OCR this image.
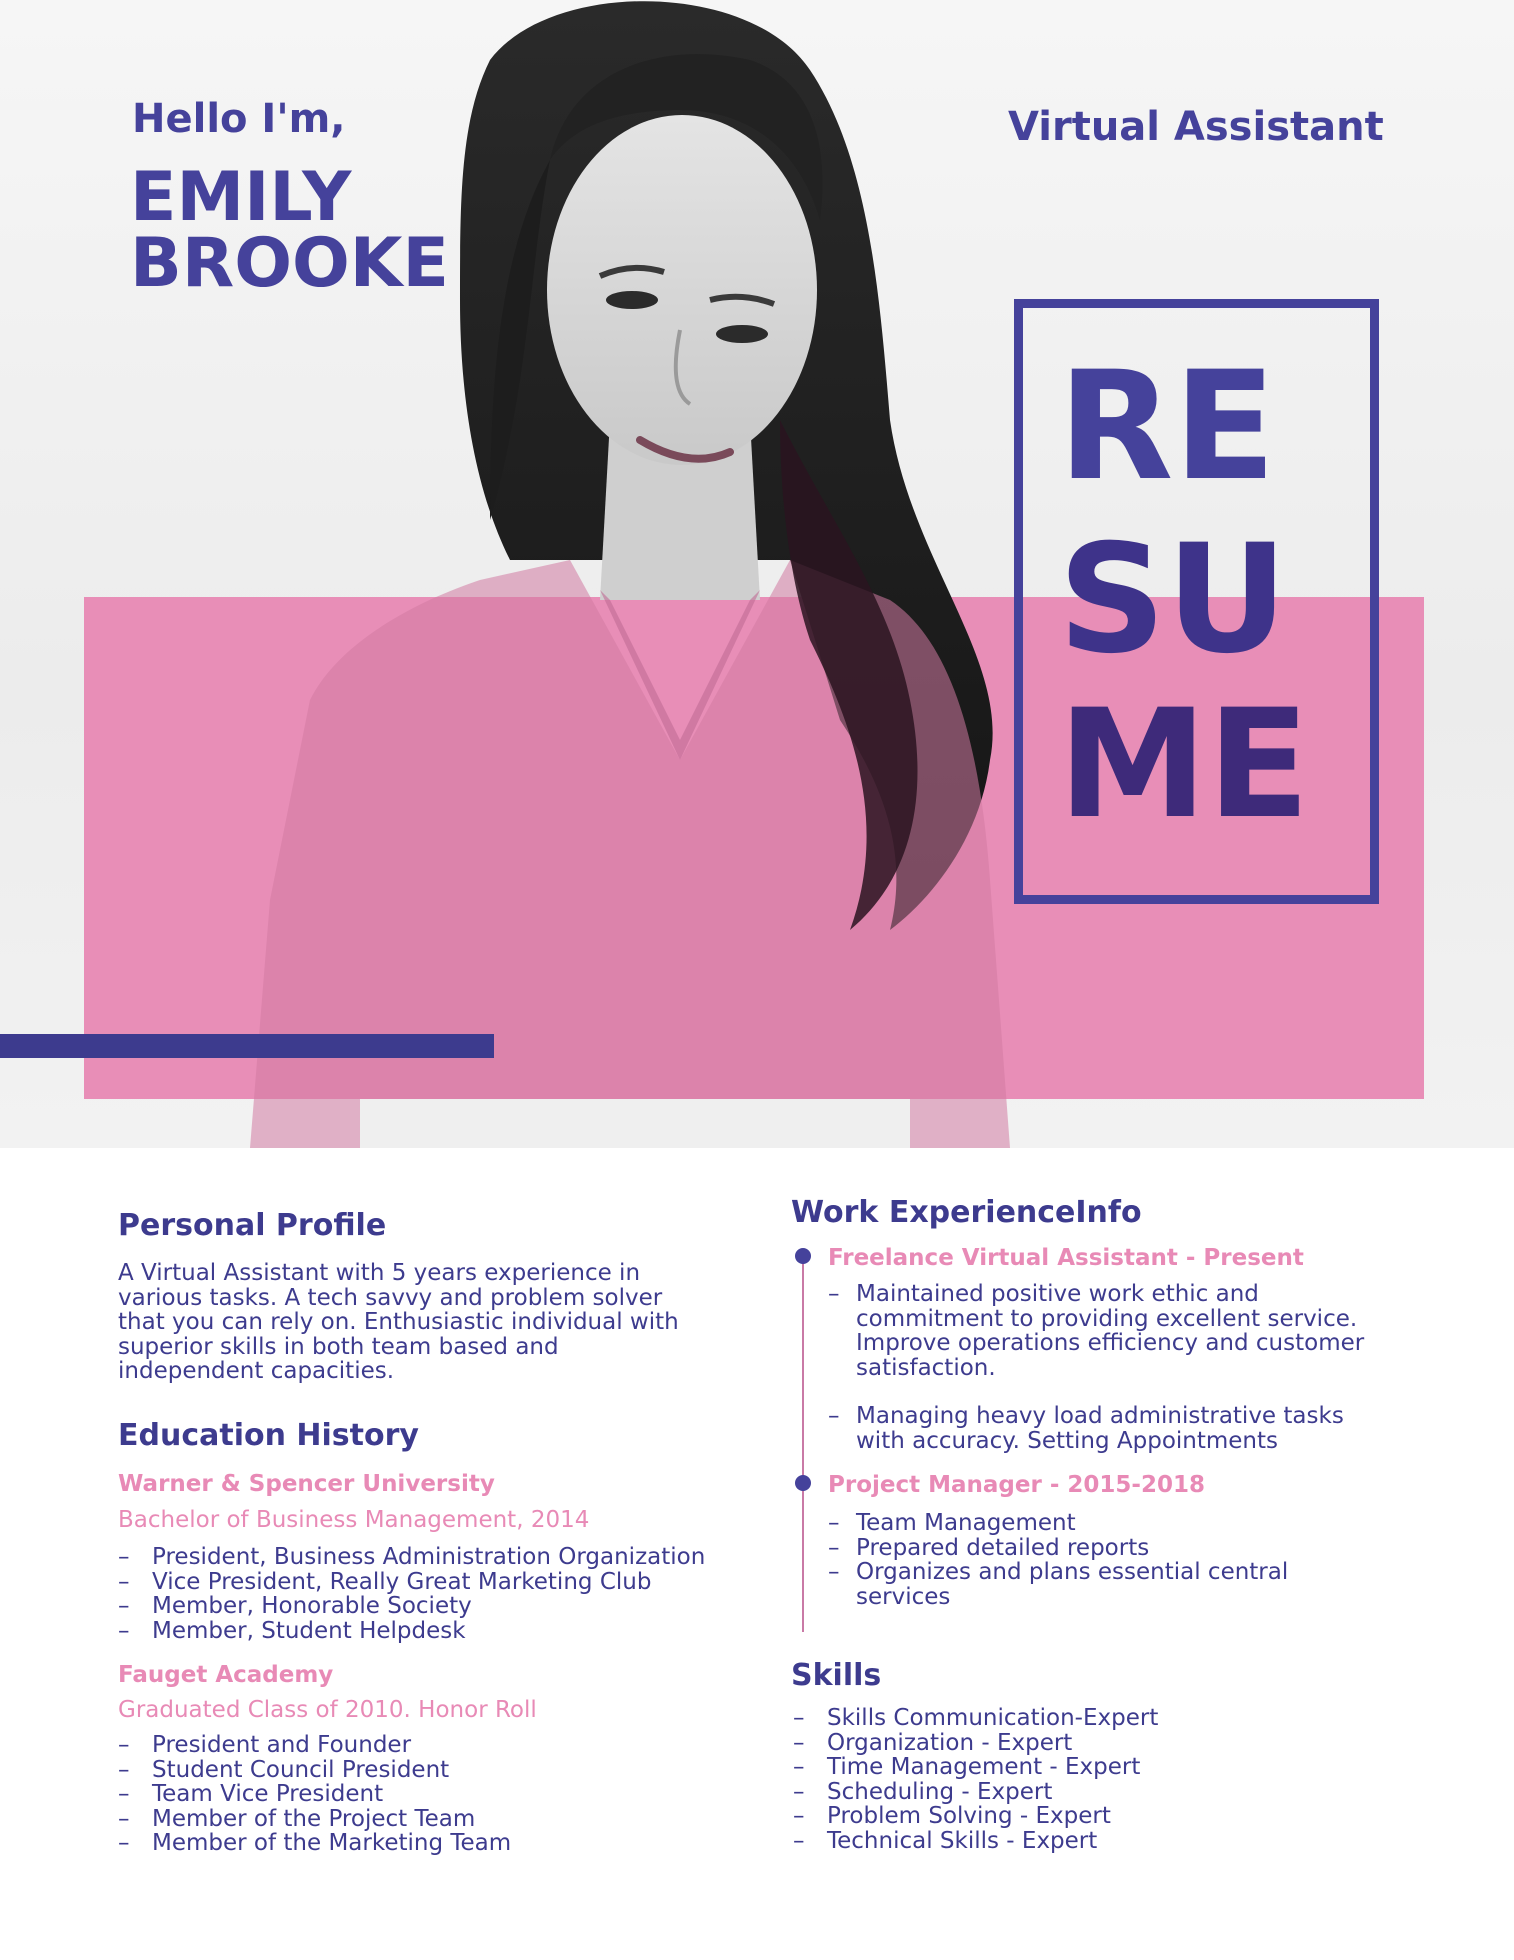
Hello I'm,
EMILY
BROOKE
Virtual Assistant
RE
SU
ME
Personal Profile
A Virtual Assistant with 5 years experience in
various tasks. A tech savvy and problem solver
that you can rely on. Enthusiastic individual with
superior skills in both team based and
independent capacities.
Education History
Warner & Spencer University
Bachelor of Business Management, 2014
– President, Business Administration Organization
– Vice President, Really Great Marketing Club
– Member, Honorable Society
– Member, Student Helpdesk
Fauget Academy
Graduated Class of 2010. Honor Roll
– President and Founder
– Student Council President
– Team Vice President
– Member of the Project Team
– Member of the Marketing Team
Work ExperienceInfo
Freelance Virtual Assistant - Present
– Maintained positive work ethic and commitment to providing excellent service. Improve operations efficiency and customer satisfaction.
– Managing heavy load administrative tasks with accuracy. Setting Appointments
Project Manager - 2015-2018
– Team Management
– Prepared detailed reports
– Organizes and plans essential central services
Skills
– Skills Communication-Expert
– Organization - Expert
– Time Management - Expert
– Scheduling - Expert
– Problem Solving - Expert
– Technical Skills - Expert
